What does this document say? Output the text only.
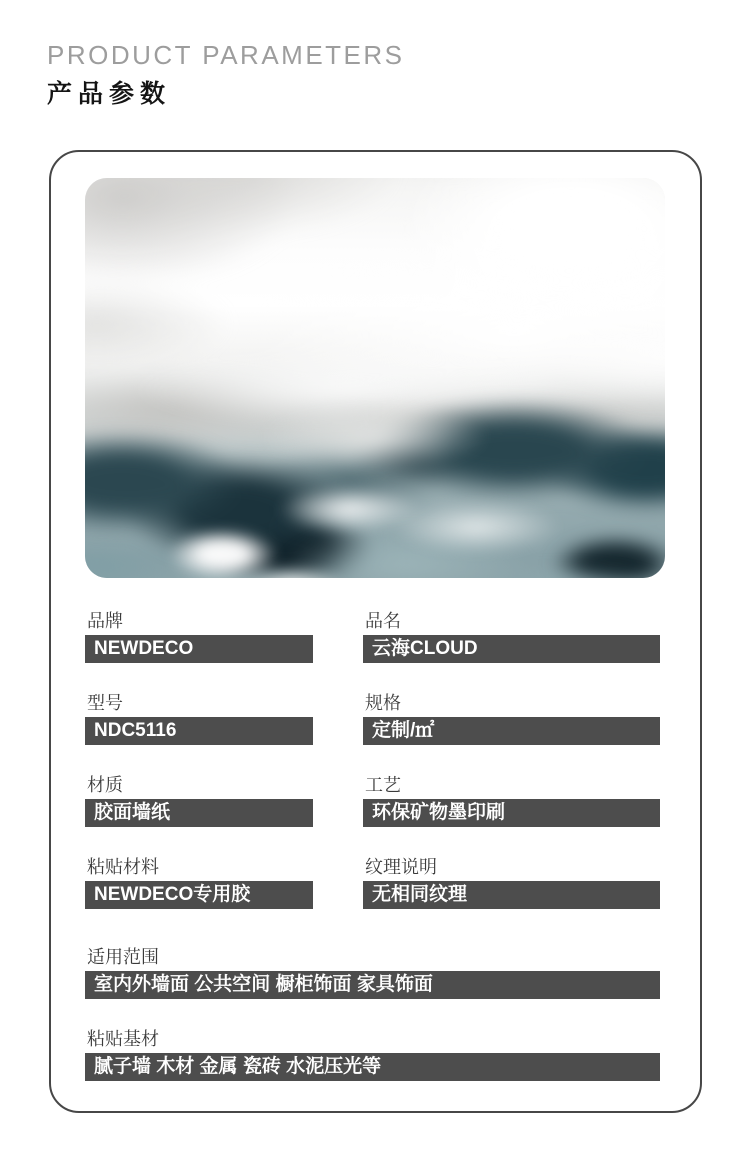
PRODUCT PARAMETERS
产品参数
品牌
NEWDECO
品名
云海CLOUD
型号
NDC5116
规格
定制/㎡
材质
胶面墙纸
工艺
环保矿物墨印刷
粘贴材料
NEWDECO专用胶
纹理说明
无相同纹理
适用范围
室内外墙面 公共空间 橱柜饰面 家具饰面
粘贴基材
腻子墙 木材 金属 瓷砖 水泥压光等
